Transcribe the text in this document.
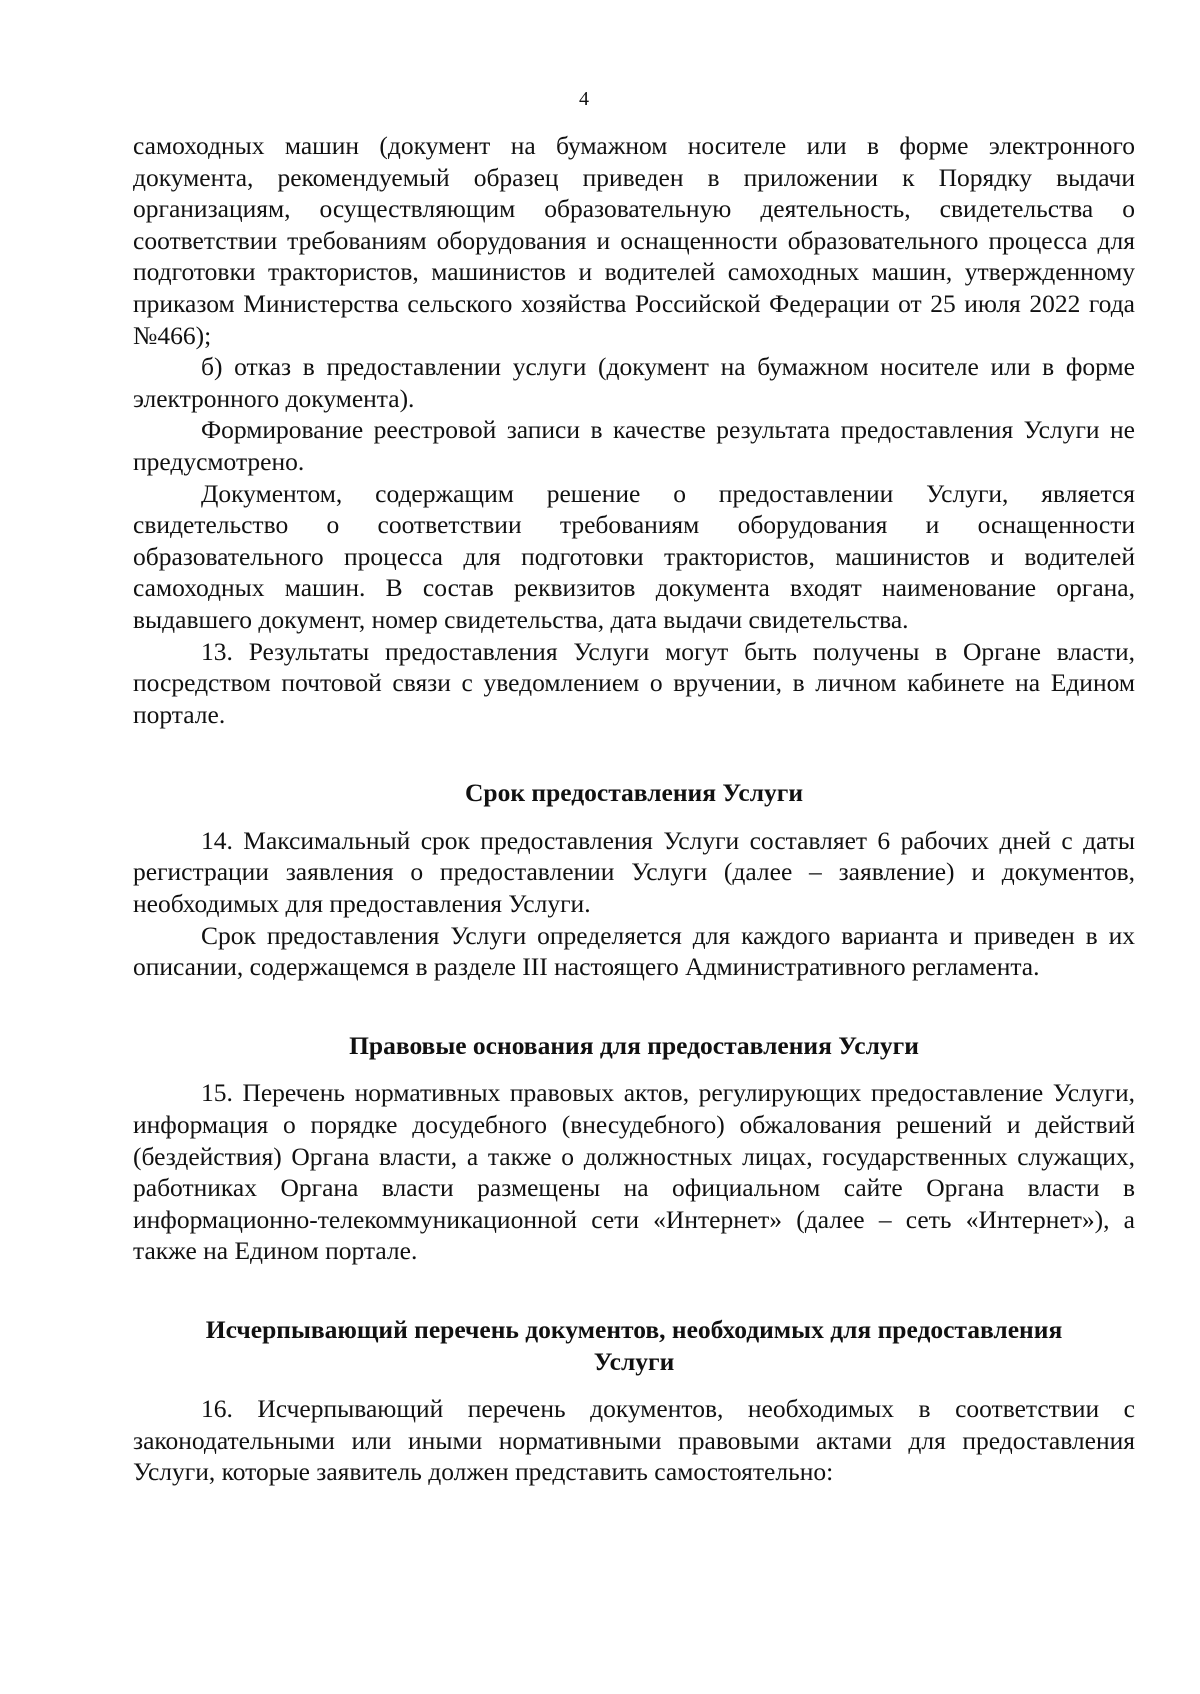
4

самоходных машин (документ на бумажном носителе или в форме электронного документа, рекомендуемый образец приведен в приложении к Порядку выдачи организациям, осуществляющим образовательную деятельность, свидетельства о соответствии требованиям оборудования и оснащенности образовательного процесса для подготовки трактористов, машинистов и водителей самоходных машин, утвержденному приказом Министерства сельского хозяйства Российской Федерации от 25 июля 2022 года №466);

б) отказ в предоставлении услуги (документ на бумажном носителе или в форме электронного документа).

Формирование реестровой записи в качестве результата предоставления Услуги не предусмотрено.

Документом, содержащим решение о предоставлении Услуги, является свидетельство о соответствии требованиям оборудования и оснащенности образовательного процесса для подготовки трактористов, машинистов и водителей самоходных машин. В состав реквизитов документа входят наименование органа, выдавшего документ, номер свидетельства, дата выдачи свидетельства.

13. Результаты предоставления Услуги могут быть получены в Органе власти, посредством почтовой связи с уведомлением о вручении, в личном кабинете на Едином портале.

Срок предоставления Услуги

14. Максимальный срок предоставления Услуги составляет 6 рабочих дней с даты регистрации заявления о предоставлении Услуги (далее – заявление) и документов, необходимых для предоставления Услуги.

Срок предоставления Услуги определяется для каждого варианта и приведен в их описании, содержащемся в разделе III настоящего Административного регламента.

Правовые основания для предоставления Услуги

15. Перечень нормативных правовых актов, регулирующих предоставление Услуги, информация о порядке досудебного (внесудебного) обжалования решений и действий (бездействия) Органа власти, а также о должностных лицах, государственных служащих, работниках Органа власти размещены на официальном сайте Органа власти в информационно-телекоммуникационной сети «Интернет» (далее – сеть «Интернет»), а также на Едином портале.

Исчерпывающий перечень документов, необходимых для предоставления
Услуги

16. Исчерпывающий перечень документов, необходимых в соответствии с законодательными или иными нормативными правовыми актами для предоставления Услуги, которые заявитель должен представить самостоятельно:
